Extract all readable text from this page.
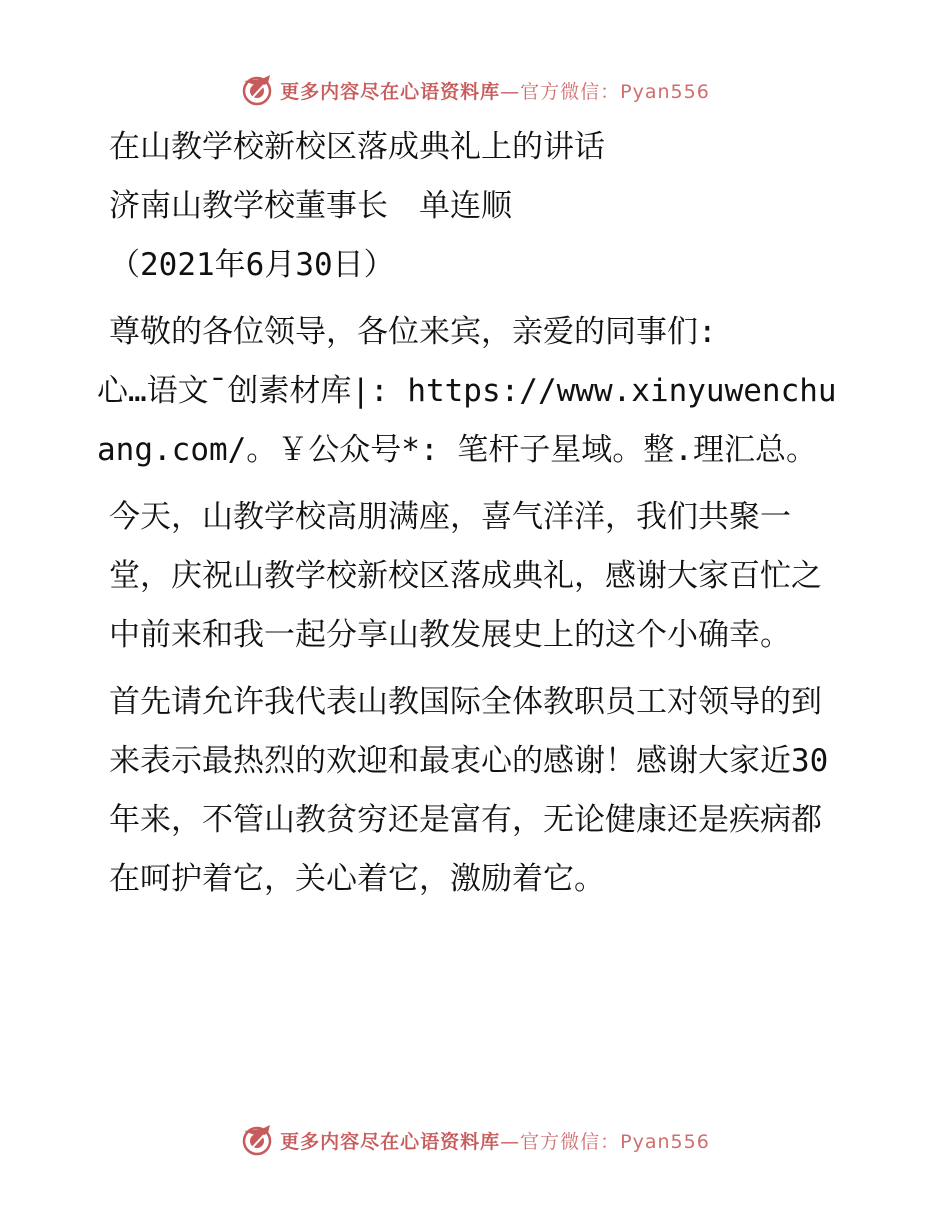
更多内容尽在心语资料库—官方微信：Pyan556

在山教学校新校区落成典礼上的讲话

济南山教学校董事长　单连顺

（2021年6月30日）

尊敬的各位领导，各位来宾，亲爱的同事们:

心…语文¯创素材库|: https://www.xinyuwenchuang.com/。￥公众号*: 笔杆子星域。整.理汇总。

今天，山教学校高朋满座，喜气洋洋，我们共聚一堂，庆祝山教学校新校区落成典礼，感谢大家百忙之中前来和我一起分享山教发展史上的这个小确幸。

首先请允许我代表山教国际全体教职员工对领导的到来表示最热烈的欢迎和最衷心的感谢！感谢大家近30年来，不管山教贫穷还是富有，无论健康还是疾病都在呵护着它，关心着它，激励着它。

更多内容尽在心语资料库—官方微信：Pyan556
